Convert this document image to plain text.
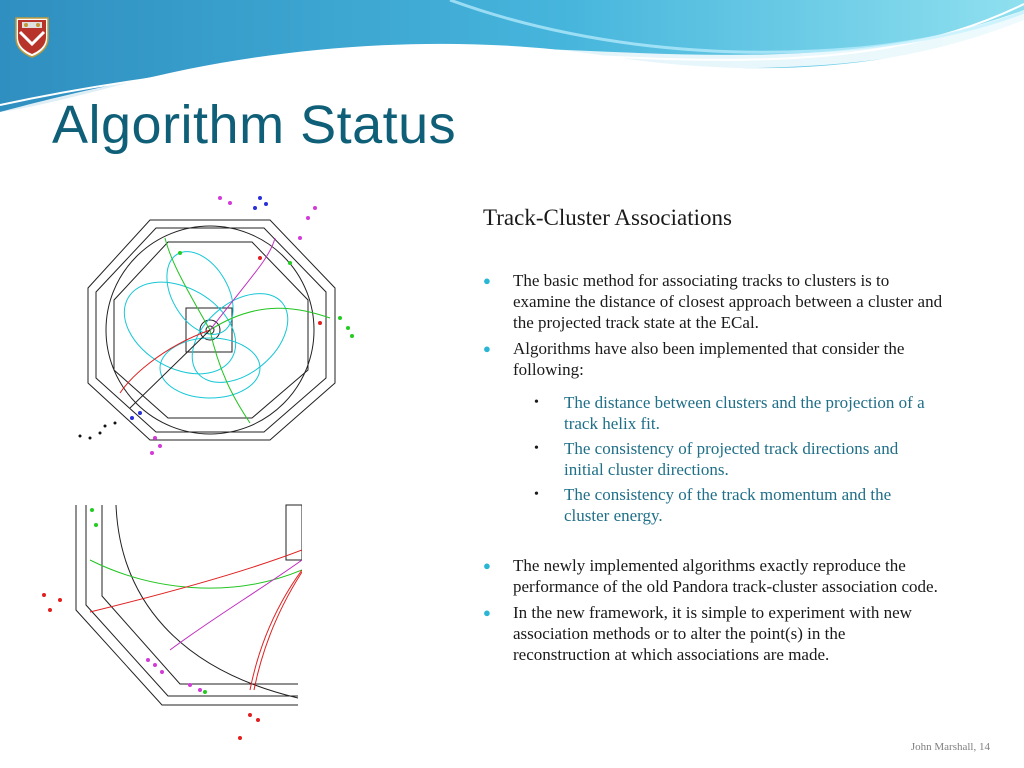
Algorithm Status
Track-Cluster Associations
● The basic method for associating tracks to clusters is to examine the distance of closest approach between a cluster and the projected track state at the ECal.
● Algorithms have also been implemented that consider the following:
• The distance between clusters and the projection of a track helix fit.
• The consistency of projected track directions and initial cluster directions.
• The consistency of the track momentum and the cluster energy.
● The newly implemented algorithms exactly reproduce the performance of the old Pandora track-cluster association code.
● In the new framework, it is simple to experiment with new association methods or to alter the point(s) in the reconstruction at which associations are made.
John Marshall, 14
